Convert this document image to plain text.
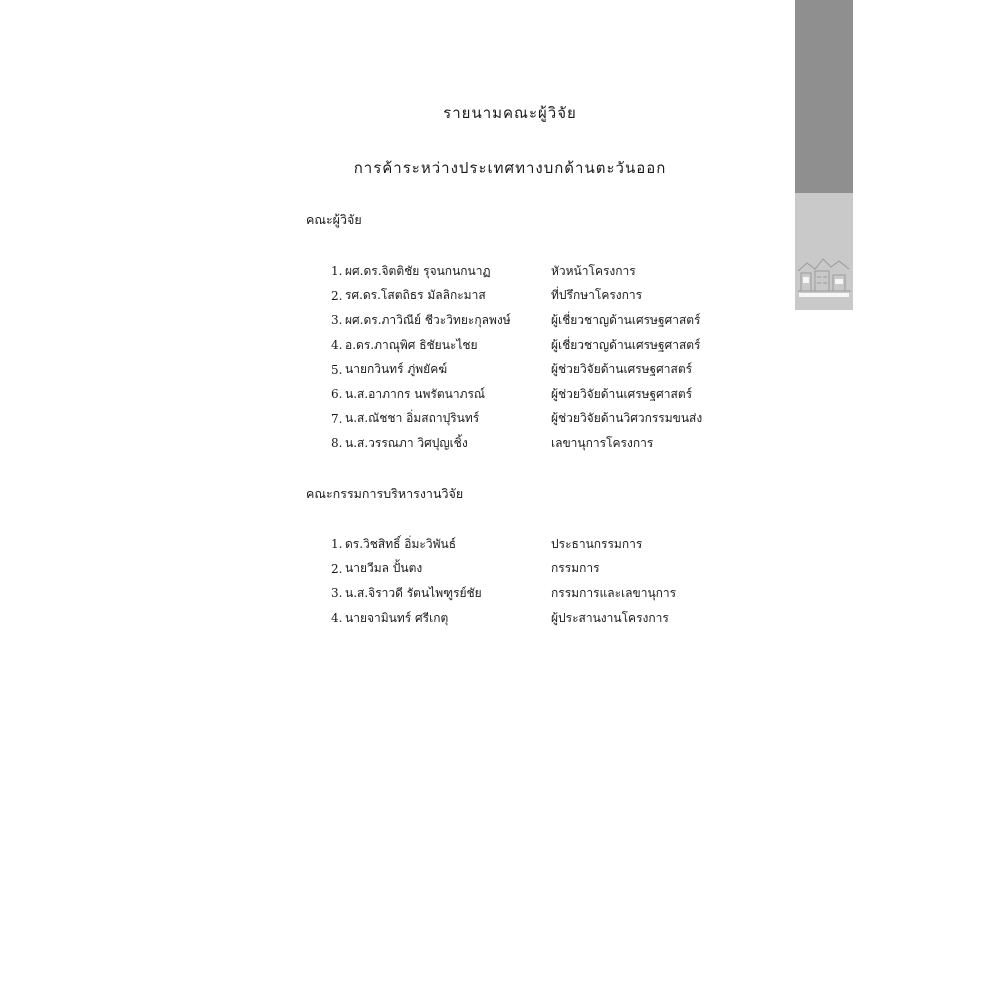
รายนามคณะผู้วิจัย
การค้าระหว่างประเทศทางบกด้านตะวันออก
คณะผู้วิจัย
1. ผศ.ดร.จิตติชัย รุจนกนกนาฏ	หัวหน้าโครงการ
2. รศ.ดร.โสตถิธร มัลลิกะมาส	ที่ปรึกษาโครงการ
3. ผศ.ดร.ภาวิณีย์ ชีวะวิทยะกุลพงษ์	ผู้เชี่ยวชาญด้านเศรษฐศาสตร์
4. อ.ดร.ภาณุพิศ ธิชัยนะไชย	ผู้เชี่ยวชาญด้านเศรษฐศาสตร์
5. นายกวินทร์ ภู่พยัคฆ์	ผู้ช่วยวิจัยด้านเศรษฐศาสตร์
6. น.ส.อาภากร นพรัตนาภรณ์	ผู้ช่วยวิจัยด้านเศรษฐศาสตร์
7. น.ส.ณัชชา อิ่มสถาปุรินทร์	ผู้ช่วยวิจัยด้านวิศวกรรมขนส่ง
8. น.ส.วรรณภา วิศปุญเชิ้ง	เลขานุการโครงการ
คณะกรรมการบริหารงานวิจัย
1. ดร.วิชสิทธิ์ อิ่มะวิพันธ์	ประธานกรรมการ
2. นายวีมล ปั้นตง	กรรมการ
3. น.ส.จิราวดี รัตนไพฑูรย์ชัย	กรรมการและเลขานุการ
4. นายจามินทร์ ศรีเกตุ	ผู้ประสานงานโครงการ
